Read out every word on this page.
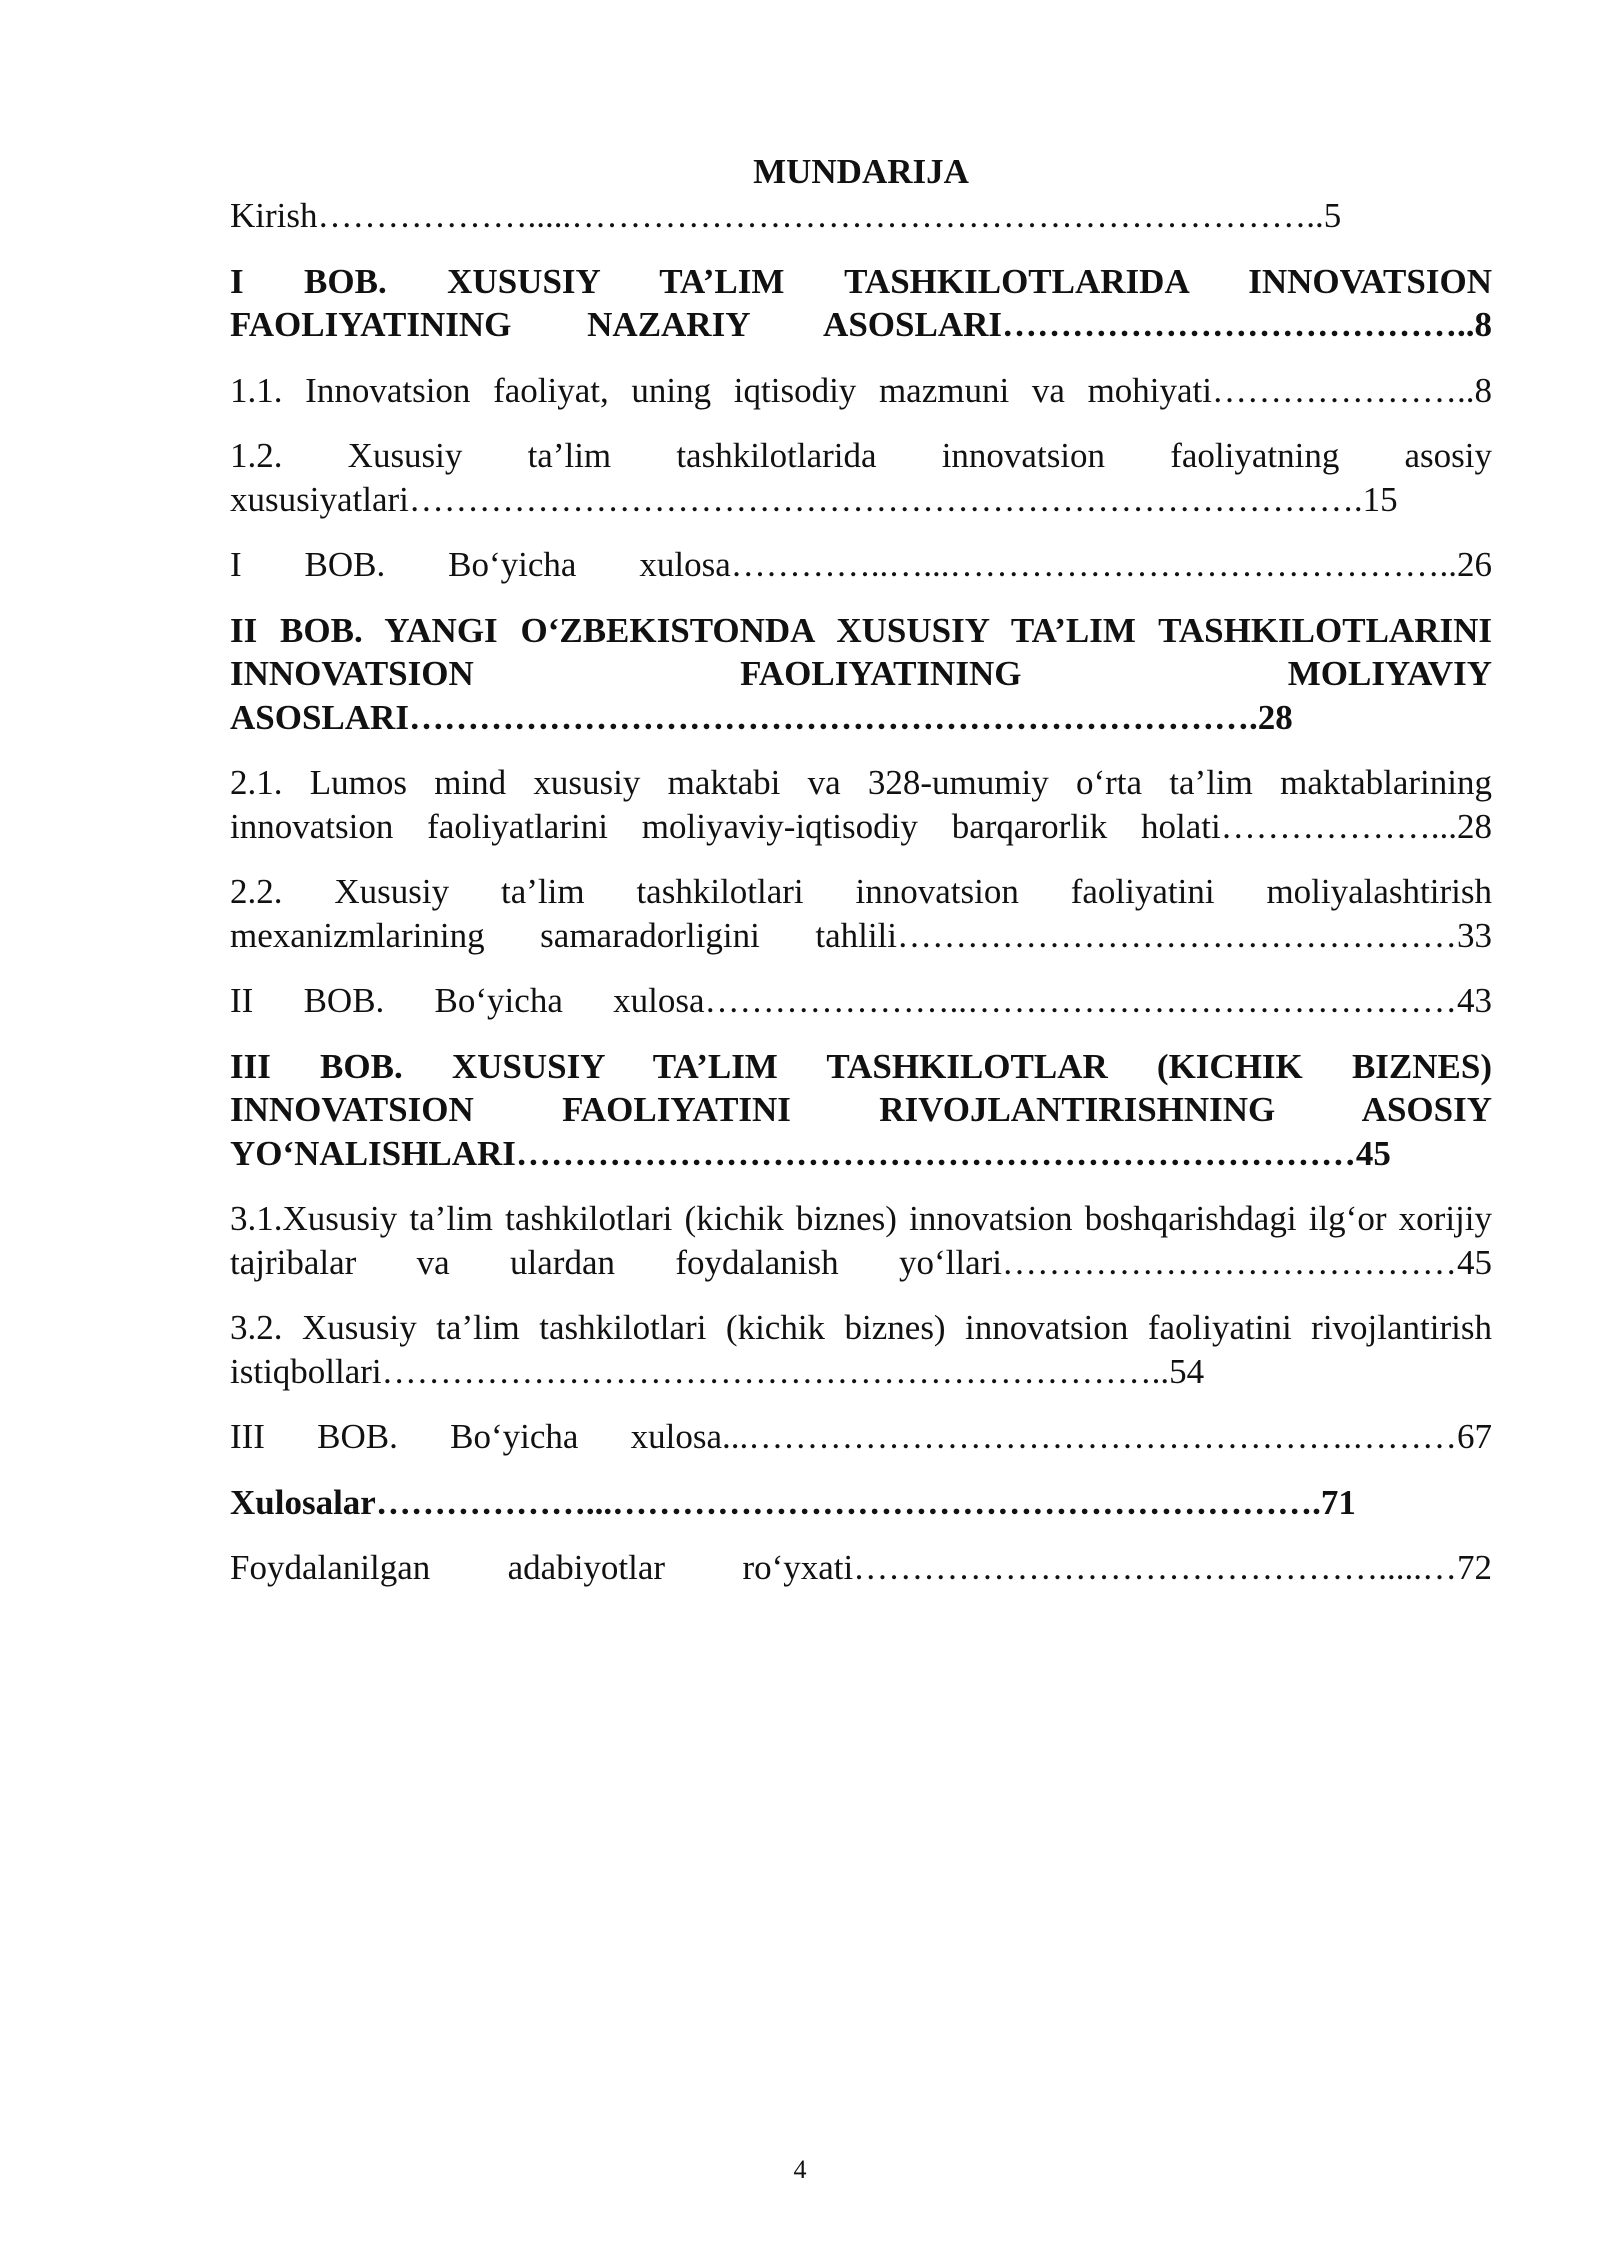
MUNDARIJA

Kirish……………….....………………………………………………………..5

I BOB. XUSUSIY TA’LIM TASHKILOTLARIDA INNOVATSION FAOLIYATINING NAZARIY ASOSLARI…………………………………..8

1.1. Innovatsion faoliyat, uning iqtisodiy mazmuni va mohiyati…………………..8

1.2. Xususiy ta’lim tashkilotlarida innovatsion faoliyatning asosiy xususiyatlari……………………………………………………………………….15

I BOB. Bo‘yicha xulosa…………..…...……………………………………..26

II BOB. YANGI O‘ZBEKISTONDA XUSUSIY TA’LIM TASHKILOTLARINI INNOVATSION FAOLIYATINING MOLIYAVIY ASOSLARI……………………………………………………………….28

2.1. Lumos mind xususiy maktabi va 328-umumiy o‘rta ta’lim maktablarining innovatsion faoliyatlarini moliyaviy-iqtisodiy barqarorlik holati………………...28

2.2. Xususiy ta’lim tashkilotlari innovatsion faoliyatini moliyalashtirish mexanizmlarining samaradorligini tahlili…………………………………………33

II BOB. Bo‘yicha xulosa…………………..……………………………………43

III BOB. XUSUSIY TA’LIM TASHKILOTLAR (KICHIK BIZNES) INNOVATSION FAOLIYATINI RIVOJLANTIRISHNING ASOSIY YO‘NALISHLARI………………………………………………………………45

3.1.Xususiy ta’lim tashkilotlari (kichik biznes) innovatsion boshqarishdagi ilg‘or xorijiy tajribalar va ulardan foydalanish yo‘llari…………………………………45

3.2. Xususiy ta’lim tashkilotlari (kichik biznes) innovatsion faoliyatini rivojlantirish istiqbollari…………………………………………………………..54

III BOB. Bo‘yicha xulosa...…………………………………………….………67

Xulosalar………………...…………………………………………………….71

Foydalanilgan adabiyotlar ro‘yxati……………………………………….....…72

4
